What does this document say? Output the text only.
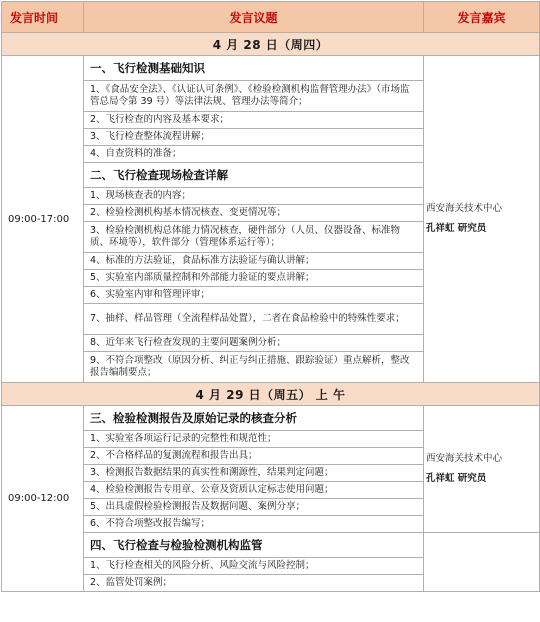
发言时间	发言议题	发言嘉宾
4 月 28 日（周四）		
09:00-17:00	一、飞行检测基础知识	西安海关技术中心
孔祥虹 研究员

	1、《食品安全法》、《认证认可条例》、《检验检测机构监督管理办法》（市场监管总局令第 39 号）等法律法规、管理办法等简介；	
	2、飞行检查的内容及基本要求；	
	3、飞行检查整体流程讲解；	
	4、自查资料的准备；	
	二、飞行检查现场检查详解	
	1、现场核查表的内容；	
	2、检验检测机构基本情况核查、变更情况等；	
	3、检验检测机构总体能力情况核查，硬件部分（人员、仪器设备、标准物质、环境等），软件部分（管理体系运行等）；	
	4、标准的方法验证，食品标准方法验证与确认讲解；	
	5、实验室内部质量控制和外部能力验证的要点讲解；	
	6、实验室内审和管理评审；	
	7、抽样、样品管理（全流程样品处置），二者在食品检验中的特殊性要求；	
	8、近年来飞行检查发现的主要问题案例分析；	
	9、不符合项整改（原因分析、纠正与纠正措施、跟踪验证）重点解析，整改报告编制要点；	
4 月 29 日（周五） 上 午		
09:00-12:00	三、检验检测报告及原始记录的核查分析	西安海关技术中心
孔祥虹 研究员

	1、实验室各项运行记录的完整性和规范性；	
	2、不合格样品的复测流程和报告出具；	
	3、检测报告数据结果的真实性和溯源性，结果判定问题；	
	4、检验检测报告专用章、公章及资质认定标志使用问题；	
	5、出具虚假检验检测报告及数据问题、案例分享；	
	6、不符合项整改报告编写；	
	四、飞行检查与检验检测机构监管	
	1、飞行检查相关的风险分析、风险交流与风险控制；	
	2、监管处罚案例；	
